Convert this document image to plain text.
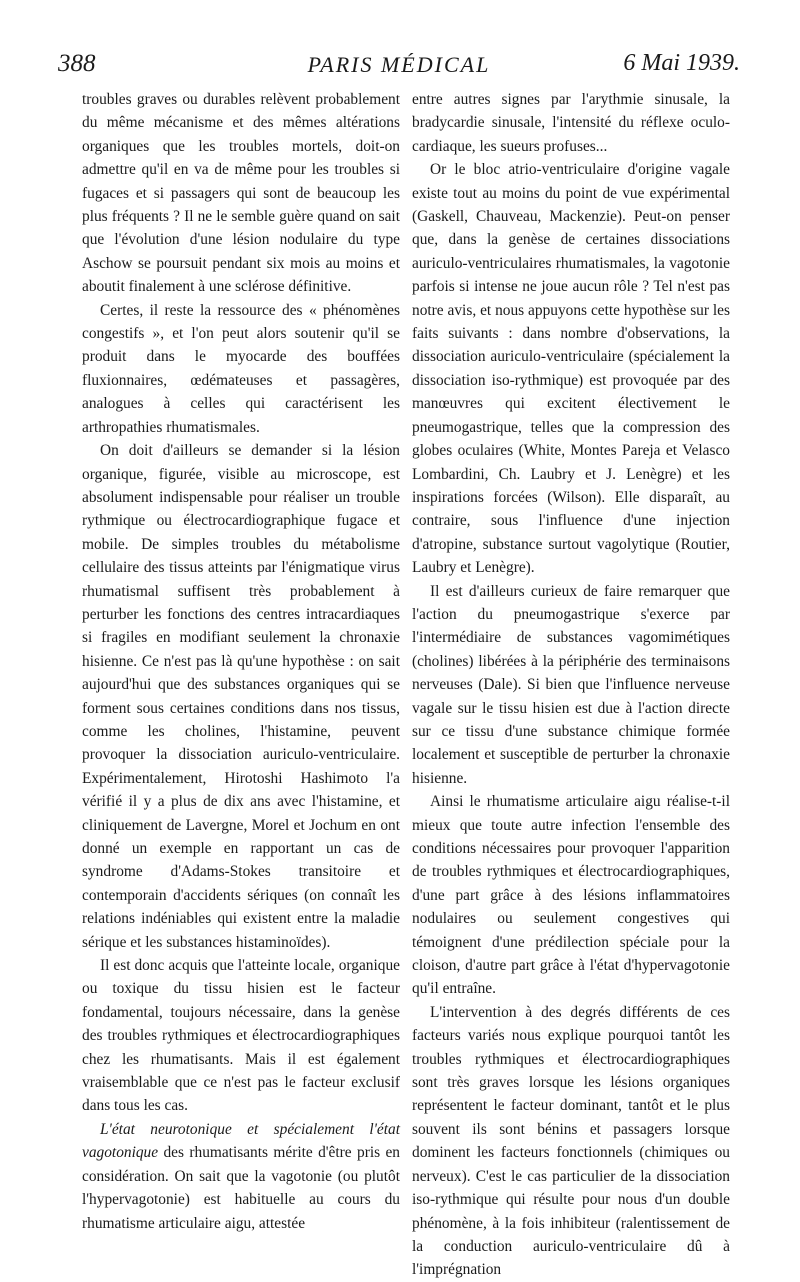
388	PARIS MÉDICAL	6 Mai 1939.

troubles graves ou durables relèvent probablement du même mécanisme et des mêmes altérations organiques que les troubles mortels, doit-on admettre qu'il en va de même pour les troubles si fugaces et si passagers qui sont de beaucoup les plus fréquents ? Il ne le semble guère quand on sait que l'évolution d'une lésion nodulaire du type Aschow se poursuit pendant six mois au moins et aboutit finalement à une sclérose définitive.

Certes, il reste la ressource des « phénomènes congestifs », et l'on peut alors soutenir qu'il se produit dans le myocarde des bouffées fluxionnaires, œdémateuses et passagères, analogues à celles qui caractérisent les arthropathies rhumatismales.

On doit d'ailleurs se demander si la lésion organique, figurée, visible au microscope, est absolument indispensable pour réaliser un trouble rythmique ou électrocardiographique fugace et mobile. De simples troubles du métabolisme cellulaire des tissus atteints par l'énigmatique virus rhumatismal suffisent très probablement à perturber les fonctions des centres intracardiaques si fragiles en modifiant seulement la chronaxie hisienne. Ce n'est pas là qu'une hypothèse : on sait aujourd'hui que des substances organiques qui se forment sous certaines conditions dans nos tissus, comme les cholines, l'histamine, peuvent provoquer la dissociation auriculo-ventriculaire. Expérimentalement, Hirotoshi Hashimoto l'a vérifié il y a plus de dix ans avec l'histamine, et cliniquement de Lavergne, Morel et Jochum en ont donné un exemple en rapportant un cas de syndrome d'Adams-Stokes transitoire et contemporain d'accidents sériques (on connaît les relations indéniables qui existent entre la maladie sérique et les substances histaminoïdes).

Il est donc acquis que l'atteinte locale, organique ou toxique du tissu hisien est le facteur fondamental, toujours nécessaire, dans la genèse des troubles rythmiques et électrocardiographiques chez les rhumatisants. Mais il est également vraisemblable que ce n'est pas le facteur exclusif dans tous les cas.

L'état neurotonique et spécialement l'état vagotonique des rhumatisants mérite d'être pris en considération. On sait que la vagotonie (ou plutôt l'hypervagotonie) est habituelle au cours du rhumatisme articulaire aigu, attestée

entre autres signes par l'arythmie sinusale, la bradycardie sinusale, l'intensité du réflexe oculo-cardiaque, les sueurs profuses...

Or le bloc atrio-ventriculaire d'origine vagale existe tout au moins du point de vue expérimental (Gaskell, Chauveau, Mackenzie). Peut-on penser que, dans la genèse de certaines dissociations auriculo-ventriculaires rhumatismales, la vagotonie parfois si intense ne joue aucun rôle ? Tel n'est pas notre avis, et nous appuyons cette hypothèse sur les faits suivants : dans nombre d'observations, la dissociation auriculo-ventriculaire (spécialement la dissociation iso-rythmique) est provoquée par des manœuvres qui excitent électivement le pneumogastrique, telles que la compression des globes oculaires (White, Montes Pareja et Velasco Lombardini, Ch. Laubry et J. Lenègre) et les inspirations forcées (Wilson). Elle disparaît, au contraire, sous l'influence d'une injection d'atropine, substance surtout vagolytique (Routier, Laubry et Lenègre).

Il est d'ailleurs curieux de faire remarquer que l'action du pneumogastrique s'exerce par l'intermédiaire de substances vagomimétiques (cholines) libérées à la périphérie des terminaisons nerveuses (Dale). Si bien que l'influence nerveuse vagale sur le tissu hisien est due à l'action directe sur ce tissu d'une substance chimique formée localement et susceptible de perturber la chronaxie hisienne.

Ainsi le rhumatisme articulaire aigu réalise-t-il mieux que toute autre infection l'ensemble des conditions nécessaires pour provoquer l'apparition de troubles rythmiques et électrocardiographiques, d'une part grâce à des lésions inflammatoires nodulaires ou seulement congestives qui témoignent d'une prédilection spéciale pour la cloison, d'autre part grâce à l'état d'hypervagotonie qu'il entraîne.

L'intervention à des degrés différents de ces facteurs variés nous explique pourquoi tantôt les troubles rythmiques et électrocardiographiques sont très graves lorsque les lésions organiques représentent le facteur dominant, tantôt et le plus souvent ils sont bénins et passagers lorsque dominent les facteurs fonctionnels (chimiques ou nerveux). C'est le cas particulier de la dissociation iso-rythmique qui résulte pour nous d'un double phénomène, à la fois inhibiteur (ralentissement de la conduction auriculo-ventriculaire dû à l'imprégnation
